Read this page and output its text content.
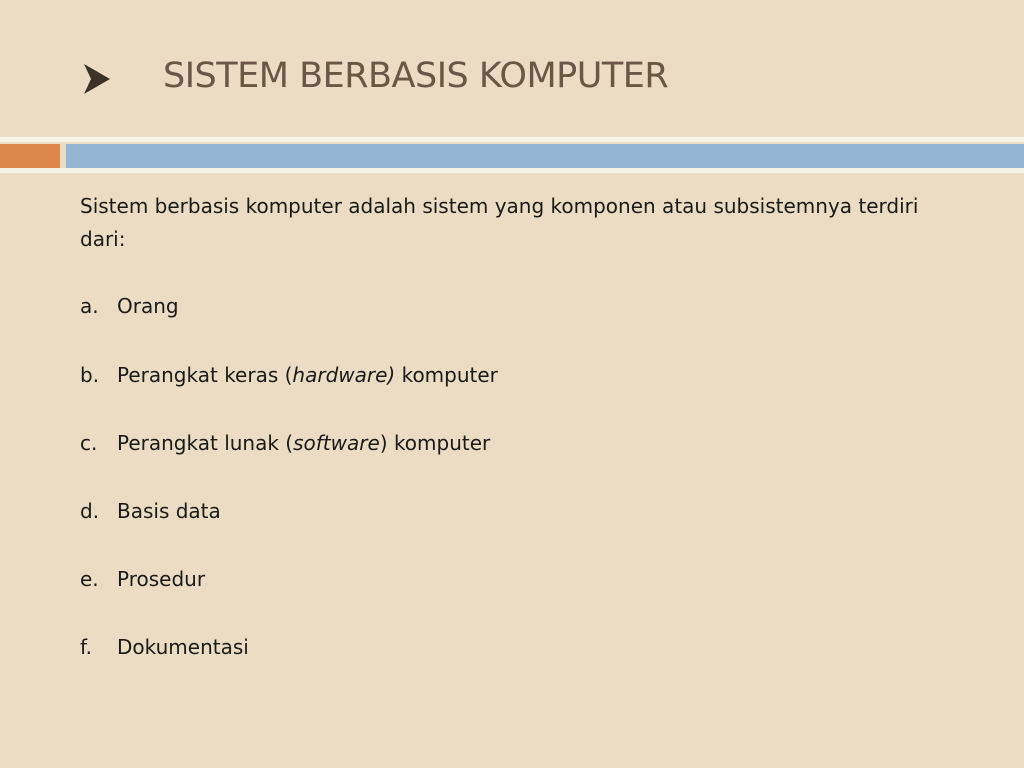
SISTEM BERBASIS KOMPUTER

Sistem berbasis komputer adalah sistem yang komponen atau subsistemnya terdiri dari:

a. Orang
b. Perangkat keras (hardware) komputer
c. Perangkat lunak (software) komputer
d. Basis data
e. Prosedur
f. Dokumentasi
